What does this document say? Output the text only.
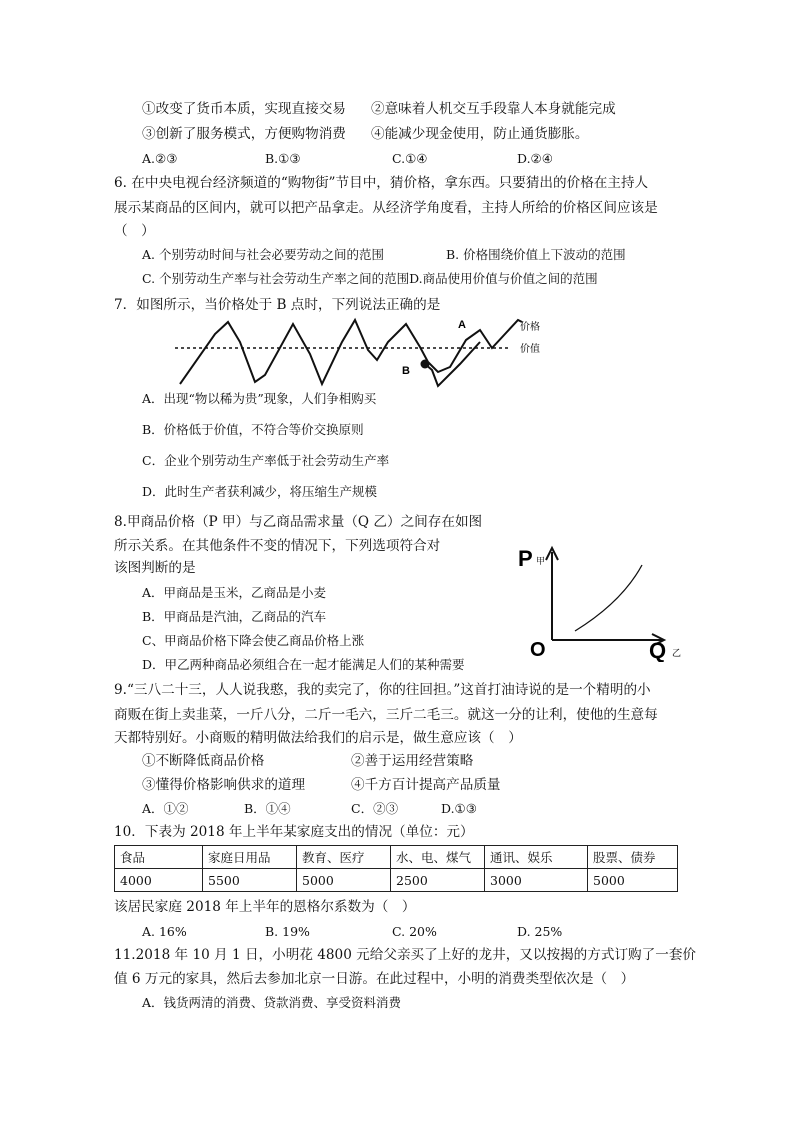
①改变了货币本质，实现直接交易 ②意味着人机交互手段靠人本身就能完成
③创新了服务模式，方便购物消费 ④能减少现金使用，防止通货膨胀。
A.②③	B.①③	C.①④	D.②④
6. 在中央电视台经济频道的“购物街”节目中，猜价格，拿东西。只要猜出的价格在主持人
展示某商品的区间内，就可以把产品拿走。从经济学角度看，主持人所给的价格区间应该是
（　）
A. 个别劳动时间与社会必要劳动之间的范围	B. 价格围绕价值上下波动的范围
C. 个别劳动生产率与社会劳动生产率之间的范围D.商品使用价值与价值之间的范围
7．如图所示，当价格处于 B 点时，下列说法正确的是
A
B
价格
价值
A．出现“物以稀为贵”现象，人们争相购买
B．价格低于价值，不符合等价交换原则
C．企业个别劳动生产率低于社会劳动生产率
D．此时生产者获利减少，将压缩生产规模
8.甲商品价格（P 甲）与乙商品需求量（Q 乙）之间存在如图
所示关系。在其他条件不变的情况下，下列选项符合对
该图判断的是
A．甲商品是玉米，乙商品是小麦
B．甲商品是汽油，乙商品的汽车
C、甲商品价格下降会使乙商品价格上涨
D．甲乙两种商品必须组合在一起才能满足人们的某种需要
P 甲
O	Q 乙
9.“三八二十三，人人说我憨，我的卖完了，你的往回担。”这首打油诗说的是一个精明的小
商贩在街上卖韭菜，一斤八分，二斤一毛六，三斤二毛三。就这一分的让利，使他的生意每
天都特别好。小商贩的精明做法给我们的启示是，做生意应该（　）
①不断降低商品价格	②善于运用经营策略
③懂得价格影响供求的道理	④千方百计提高产品质量
A．①②	B．①④	C．②③	D.①③
10．下表为 2018 年上半年某家庭支出的情况（单位：元）
食品	家庭日用品	教育、医疗	水、电、煤气	通讯、娱乐	股票、债券
4000	5500	5000	2500	3000	5000
该居民家庭 2018 年上半年的恩格尔系数为（　）
A. 16%	B. 19%	C. 20%	D. 25%
11.2018 年 10 月 1 日，小明花 4800 元给父亲买了上好的龙井，又以按揭的方式订购了一套价
值 6 万元的家具，然后去参加北京一日游。在此过程中，小明的消费类型依次是（　）
A．钱货两清的消费、贷款消费、享受资料消费
